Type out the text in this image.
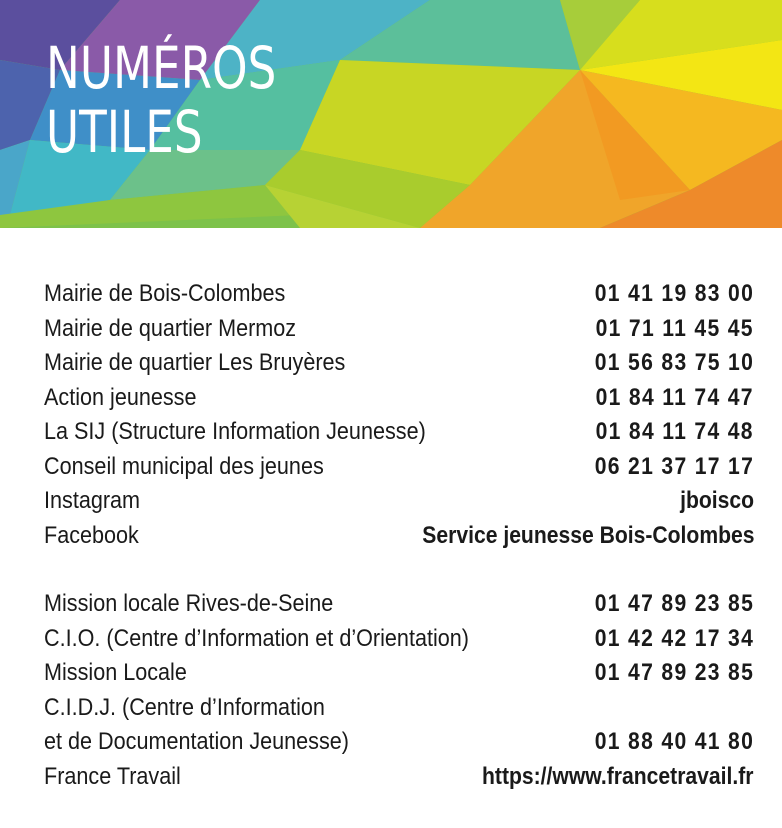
NUMÉROS
UTILES
Mairie de Bois-Colombes	01 41 19 83 00
Mairie de quartier Mermoz	01 71 11 45 45
Mairie de quartier Les Bruyères	01 56 83 75 10
Action jeunesse	01 84 11 74 47
La SIJ (Structure Information Jeunesse)	01 84 11 74 48
Conseil municipal des jeunes	06 21 37 17 17
Instagram	jboisco
Facebook	Service jeunesse Bois-Colombes
Mission locale Rives-de-Seine	01 47 89 23 85
C.I.O. (Centre d’Information et d’Orientation)	01 42 42 17 34
Mission Locale	01 47 89 23 85
C.I.D.J. (Centre d’Information
et de Documentation Jeunesse)	01 88 40 41 80
France Travail	https://www.francetravail.fr
